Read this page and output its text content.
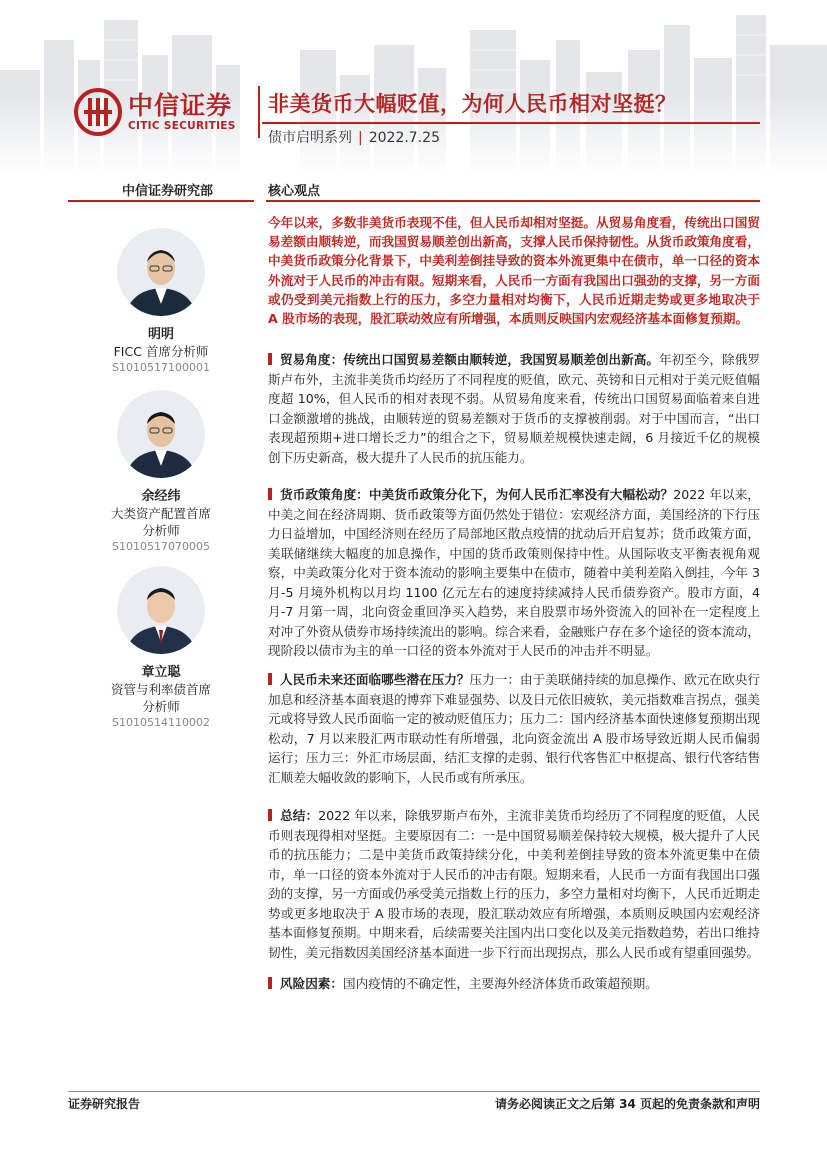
中信证券
CITIC SECURITIES
非美货币大幅贬值，为何人民币相对坚挺？
债市启明系列 | 2022.7.25
中信证券研究部	核心观点
明明
FICC 首席分析师
S1010517100001
余经纬
大类资产配置首席
分析师
S1010517070005
章立聪
资管与利率债首席
分析师
S1010514110002
今年以来，多数非美货币表现不佳，但人民币却相对坚挺。从贸易角度看，传统出口国贸易差额由顺转逆，而我国贸易顺差创出新高，支撑人民币保持韧性。从货币政策角度看，中美货币政策分化背景下，中美利差倒挂导致的资本外流更集中在债市，单一口径的资本外流对于人民币的冲击有限。短期来看，人民币一方面有我国出口强劲的支撑，另一方面或仍受到美元指数上行的压力，多空力量相对均衡下，人民币近期走势或更多地取决于 A 股市场的表现，股汇联动效应有所增强，本质则反映国内宏观经济基本面修复预期。
贸易角度：传统出口国贸易差额由顺转逆，我国贸易顺差创出新高。年初至今，除俄罗斯卢布外，主流非美货币均经历了不同程度的贬值，欧元、英镑和日元相对于美元贬值幅度超 10%，但人民币的相对表现不弱。从贸易角度来看，传统出口国贸易面临着来自进口金额激增的挑战，由顺转逆的贸易差额对于货币的支撑被削弱。对于中国而言，“出口表现超预期+进口增长乏力”的组合之下，贸易顺差规模快速走阔，6 月接近千亿的规模创下历史新高，极大提升了人民币的抗压能力。
货币政策角度：中美货币政策分化下，为何人民币汇率没有大幅松动？2022 年以来，中美之间在经济周期、货币政策等方面仍然处于错位：宏观经济方面，美国经济的下行压力日益增加，中国经济则在经历了局部地区散点疫情的扰动后开启复苏；货币政策方面，美联储继续大幅度的加息操作，中国的货币政策则保持中性。从国际收支平衡表视角观察，中美政策分化对于资本流动的影响主要集中在债市，随着中美利差陷入倒挂，今年 3 月-5 月境外机构以月均 1100 亿元左右的速度持续减持人民币债券资产。股市方面，4 月-7 月第一周，北向资金重回净买入趋势，来自股票市场外资流入的回补在一定程度上对冲了外资从债券市场持续流出的影响。综合来看，金融账户存在多个途径的资本流动，现阶段以债市为主的单一口径的资本外流对于人民币的冲击并不明显。
人民币未来还面临哪些潜在压力？压力一：由于美联储持续的加息操作、欧元在欧央行加息和经济基本面衰退的博弈下难显强势、以及日元依旧疲软，美元指数难言拐点，强美元或将导致人民币面临一定的被动贬值压力；压力二：国内经济基本面快速修复预期出现松动，7 月以来股汇两市联动性有所增强，北向资金流出 A 股市场导致近期人民币偏弱运行；压力三：外汇市场层面，结汇支撑的走弱、银行代客售汇中枢提高、银行代客结售汇顺差大幅收敛的影响下，人民币或有所承压。
总结：2022 年以来，除俄罗斯卢布外，主流非美货币均经历了不同程度的贬值，人民币则表现得相对坚挺。主要原因有二：一是中国贸易顺差保持较大规模，极大提升了人民币的抗压能力；二是中美货币政策持续分化，中美利差倒挂导致的资本外流更集中在债市，单一口径的资本外流对于人民币的冲击有限。短期来看，人民币一方面有我国出口强劲的支撑，另一方面或仍承受美元指数上行的压力，多空力量相对均衡下，人民币近期走势或更多地取决于 A 股市场的表现，股汇联动效应有所增强，本质则反映国内宏观经济基本面修复预期。中期来看，后续需要关注国内出口变化以及美元指数趋势，若出口维持韧性，美元指数因美国经济基本面进一步下行而出现拐点，那么人民币或有望重回强势。
风险因素：国内疫情的不确定性，主要海外经济体货币政策超预期。
证券研究报告	请务必阅读正文之后第 34 页起的免责条款和声明
